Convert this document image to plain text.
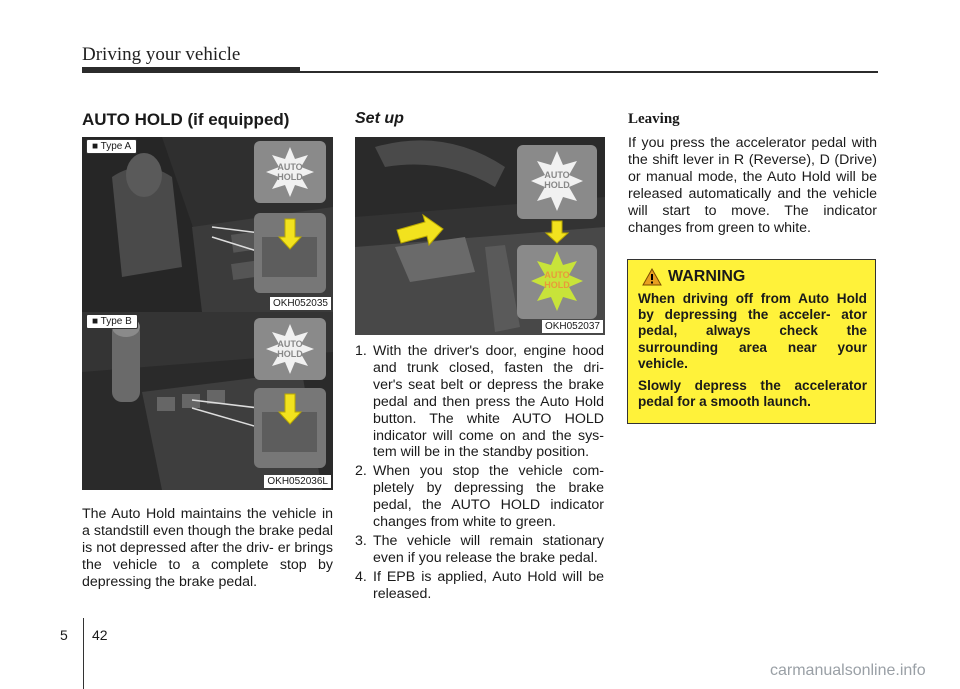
Driving your vehicle
AUTO HOLD (if equipped)
AUTO
HOLD
■ Type A
OKH052035
AUTO
HOLD
■ Type B
OKH052036L
The Auto Hold maintains the vehicle in a standstill even though the brake pedal is not depressed after the driv- er brings the vehicle to a complete stop by depressing the brake pedal.
Set up
AUTO
HOLD
AUTO
HOLD
OKH052037
1. With the driver's door, engine hood and trunk closed, fasten the dri- ver's seat belt or depress the brake pedal and then press the Auto Hold button. The white AUTO HOLD indicator will come on and the sys- tem will be in the standby position.
2. When you stop the vehicle com- pletely by depressing the brake pedal, the AUTO HOLD indicator changes from white to green.
3. The vehicle will remain stationary even if you release the brake pedal.
4. If EPB is applied, Auto Hold will be released.
Leaving
If you press the accelerator pedal with the shift lever in R (Reverse), D (Drive) or manual mode, the Auto Hold will be released automatically and the vehicle will start to move. The indicator changes from green to white.
WARNING

When driving off from Auto Hold by depressing the acceler- ator pedal, always check the surrounding area near your vehicle.

Slowly depress the accelerator pedal for a smooth launch.

5 42
carmanualsonline.info
